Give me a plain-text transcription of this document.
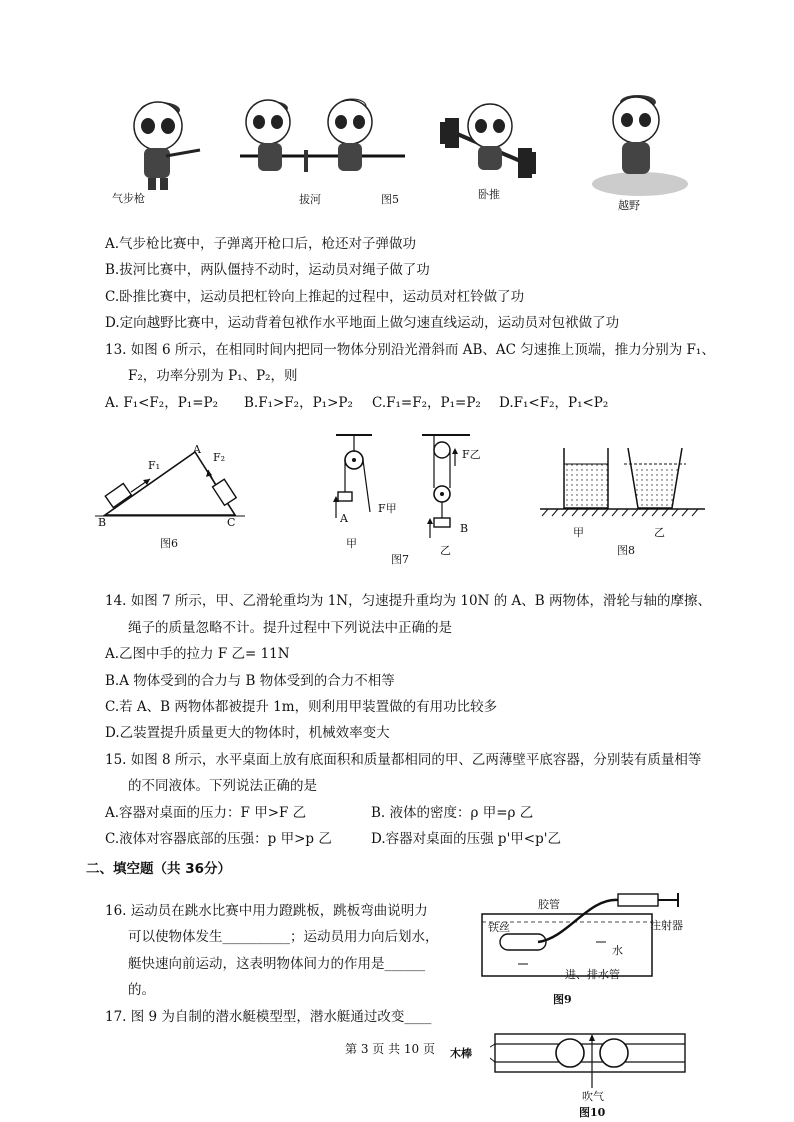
气步枪	拔河	图5	卧推
越野
A.气步枪比赛中，子弹离开枪口后，枪还对子弹做功
B.拔河比赛中，两队僵持不动时，运动员对绳子做了功
C.卧推比赛中，运动员把杠铃向上推起的过程中，运动员对杠铃做了功
D.定向越野比赛中，运动背着包袱作水平地面上做匀速直线运动，运动员对包袱做了功
13. 如图 6 所示，在相同时间内把同一物体分别沿光滑斜而 AB、AC 匀速推上顶端，推力分别为 F₁、
F₂，功率分别为 P₁、P₂，则
A. F₁<F₂，P₁=P₂ B.F₁>F₂，P₁>P₂ C.F₁=F₂，P₁=P₂ D.F₁<F₂，P₁<P₂
F₁
F₂
A
B	C
图6
A
B
F甲
F乙
甲
乙
图7
甲	乙
图8
14. 如图 7 所示，甲、乙滑轮重均为 1N，匀速提升重均为 10N 的 A、B 两物体，滑轮与轴的摩擦、
绳子的质量忽略不计。提升过程中下列说法中正确的是
A.乙图中手的拉力 F 乙= 11N
B.A 物体受到的合力与 B 物体受到的合力不相等
C.若 A、B 两物体都被提升 1m，则利用甲装置做的有用功比较多
D.乙装置提升质量更大的物体时，机械效率变大
15. 如图 8 所示，水平桌面上放有底面积和质量都相同的甲、乙两薄壁平底容器，分别装有质量相等
的不同液体。下列说法正确的是
A.容器对桌面的压力：F 甲>F 乙	B. 液体的密度：ρ 甲=ρ 乙
C.液体对容器底部的压强：p 甲>p 乙	D.容器对桌面的压强 p'甲<p'乙
二、填空题（共 36分）
16. 运动员在跳水比赛中用力蹬跳板，跳板弯曲说明力
可以使物体发生__________；运动员用力向后划水，
艇快速向前运动，这表明物体间力的作用是______
的。
17. 图 9 为自制的潜水艇模型型，潜水艇通过改变____
胶管
注射器
铁丝
水
进、排水管
图9
木棒
吹气
图10
第 3 页 共 10 页
